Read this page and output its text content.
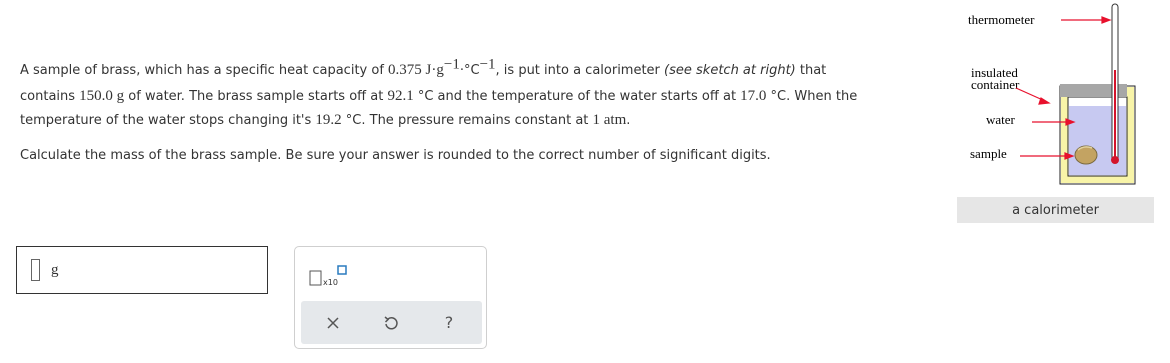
A sample of brass, which has a specific heat capacity of 0.375 $J\cdot g^{-1}\cdot^\circ C^{-1}$, is put into a calorimeter (see sketch at right) that
contains 150.0 g of water. The brass sample starts off at 92.1 °C and the temperature of the water starts off at 17.0 °C. When the
temperature of the water stops changing it's 19.2 °C. The pressure remains constant at 1 atm.
Calculate the mass of the brass sample. Be sure your answer is rounded to the correct number of significant digits.
g
x10
?
thermometer
insulated
container
water
sample
a calorimeter
